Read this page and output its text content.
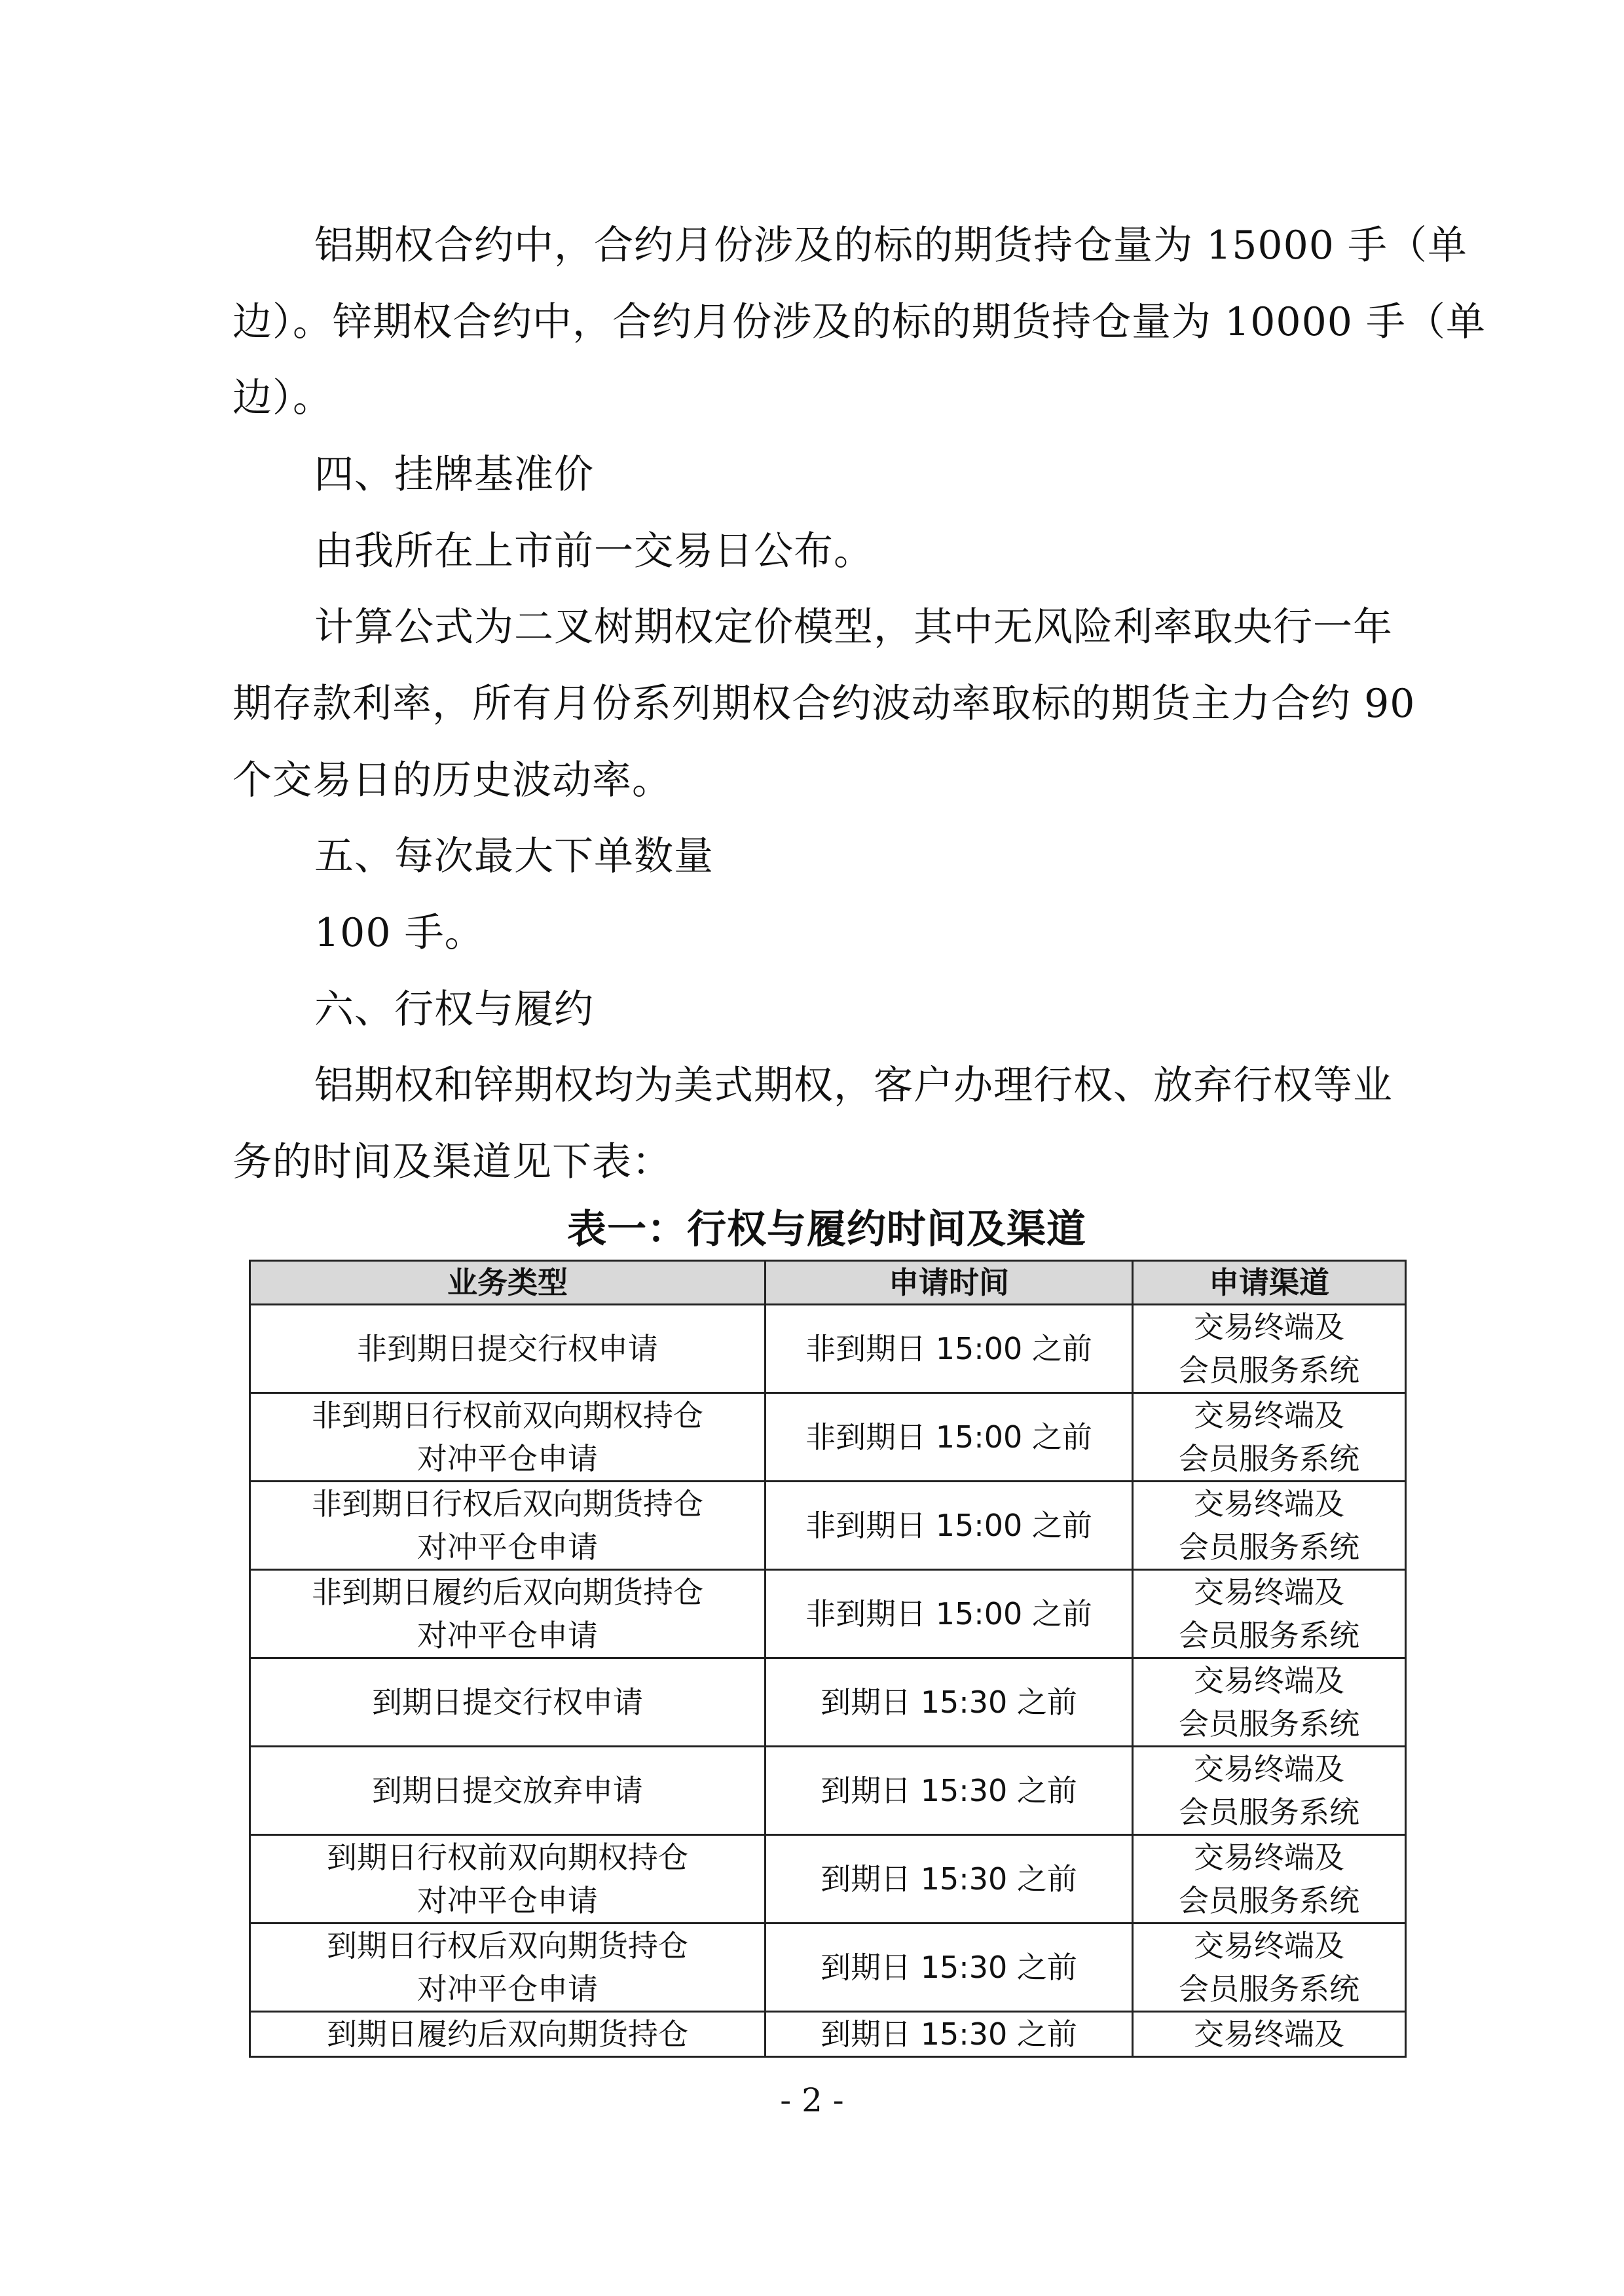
铝期权合约中，合约月份涉及的标的期货持仓量为 15000 手（单
边）。锌期权合约中，合约月份涉及的标的期货持仓量为 10000 手（单
边）。
四、挂牌基准价
由我所在上市前一交易日公布。
计算公式为二叉树期权定价模型，其中无风险利率取央行一年
期存款利率，所有月份系列期权合约波动率取标的期货主力合约 90
个交易日的历史波动率。
五、每次最大下单数量
100 手。
六、行权与履约
铝期权和锌期权均为美式期权，客户办理行权、放弃行权等业
务的时间及渠道见下表：
表一：行权与履约时间及渠道
业务类型	申请时间	申请渠道

非到期日提交行权申请	非到期日 15:00 之前	交易终端及
会员服务系统

非到期日行权前双向期权持仓
对冲平仓申请	非到期日 15:00 之前	交易终端及
会员服务系统

非到期日行权后双向期货持仓
对冲平仓申请	非到期日 15:00 之前	交易终端及
会员服务系统

非到期日履约后双向期货持仓
对冲平仓申请	非到期日 15:00 之前	交易终端及
会员服务系统

到期日提交行权申请	到期日 15:30 之前	交易终端及
会员服务系统

到期日提交放弃申请	到期日 15:30 之前	交易终端及
会员服务系统

到期日行权前双向期权持仓
对冲平仓申请	到期日 15:30 之前	交易终端及
会员服务系统

到期日行权后双向期货持仓
对冲平仓申请	到期日 15:30 之前	交易终端及
会员服务系统

到期日履约后双向期货持仓	到期日 15:30 之前	交易终端及
- 2 -
